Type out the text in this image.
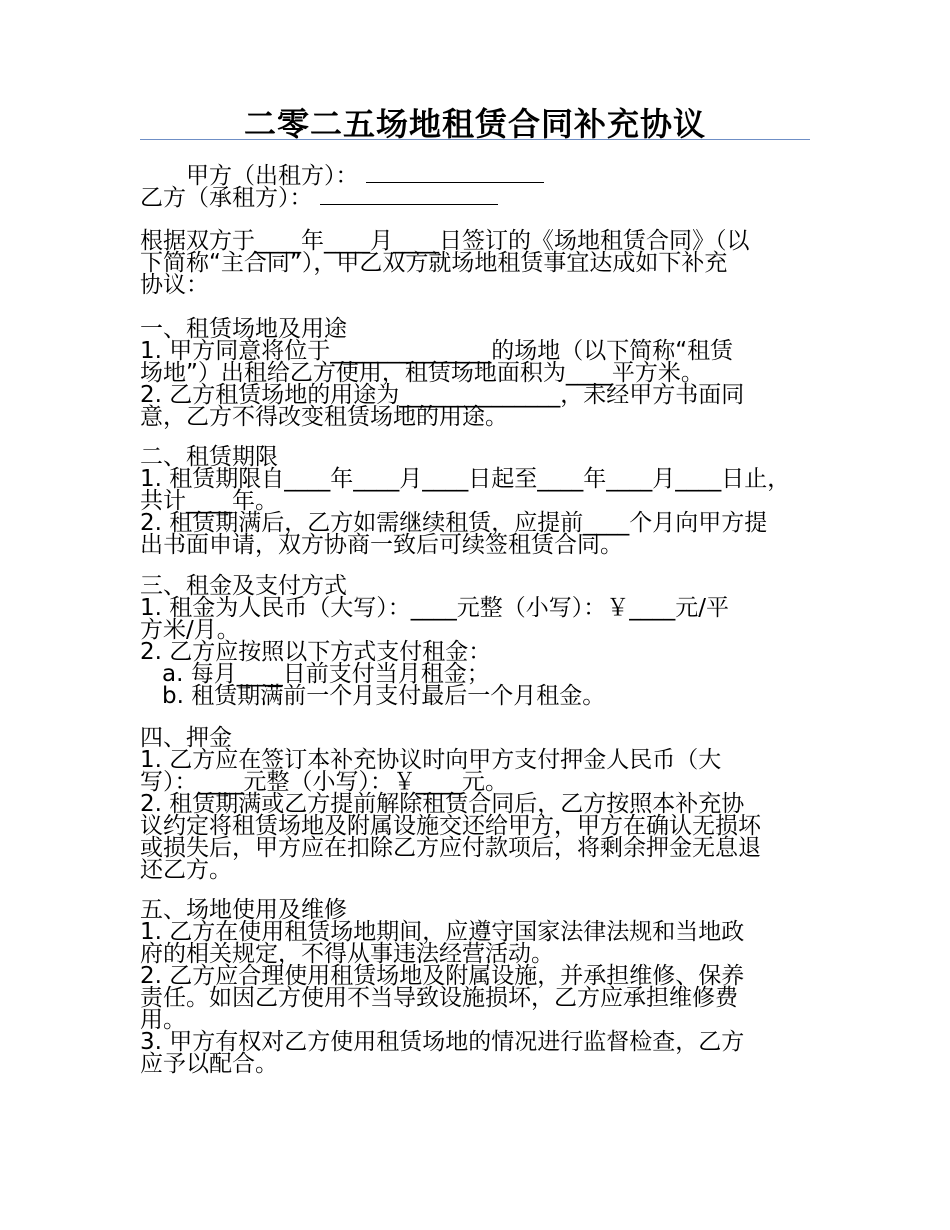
二零二五场地租赁合同补充协议
甲方（出租方）：
乙方（承租方）：
根据双方于____年____月____日签订的《场地租赁合同》（以
下简称“主合同”），甲乙双方就场地租赁事宜达成如下补充
协议：
一、租赁场地及用途
1. 甲方同意将位于______________的场地（以下简称“租赁
场地”）出租给乙方使用，租赁场地面积为____平方米。
2. 乙方租赁场地的用途为______________，未经甲方书面同
意，乙方不得改变租赁场地的用途。
二、租赁期限
1. 租赁期限自____年____月____日起至____年____月____日止，
共计____年。
2. 租赁期满后，乙方如需继续租赁，应提前____个月向甲方提
出书面申请，双方协商一致后可续签租赁合同。
三、租金及支付方式
1. 租金为人民币（大写）：____元整（小写）：￥____元/平
方米/月。
2. 乙方应按照以下方式支付租金：
a. 每月____日前支付当月租金；
b. 租赁期满前一个月支付最后一个月租金。
四、押金
1. 乙方应在签订本补充协议时向甲方支付押金人民币（大
写）：____元整（小写）：￥____元。
2. 租赁期满或乙方提前解除租赁合同后，乙方按照本补充协
议约定将租赁场地及附属设施交还给甲方，甲方在确认无损坏
或损失后，甲方应在扣除乙方应付款项后，将剩余押金无息退
还乙方。
五、场地使用及维修
1. 乙方在使用租赁场地期间，应遵守国家法律法规和当地政
府的相关规定，不得从事违法经营活动。
2. 乙方应合理使用租赁场地及附属设施，并承担维修、保养
责任。如因乙方使用不当导致设施损坏，乙方应承担维修费
用。
3. 甲方有权对乙方使用租赁场地的情况进行监督检查，乙方
应予以配合。
